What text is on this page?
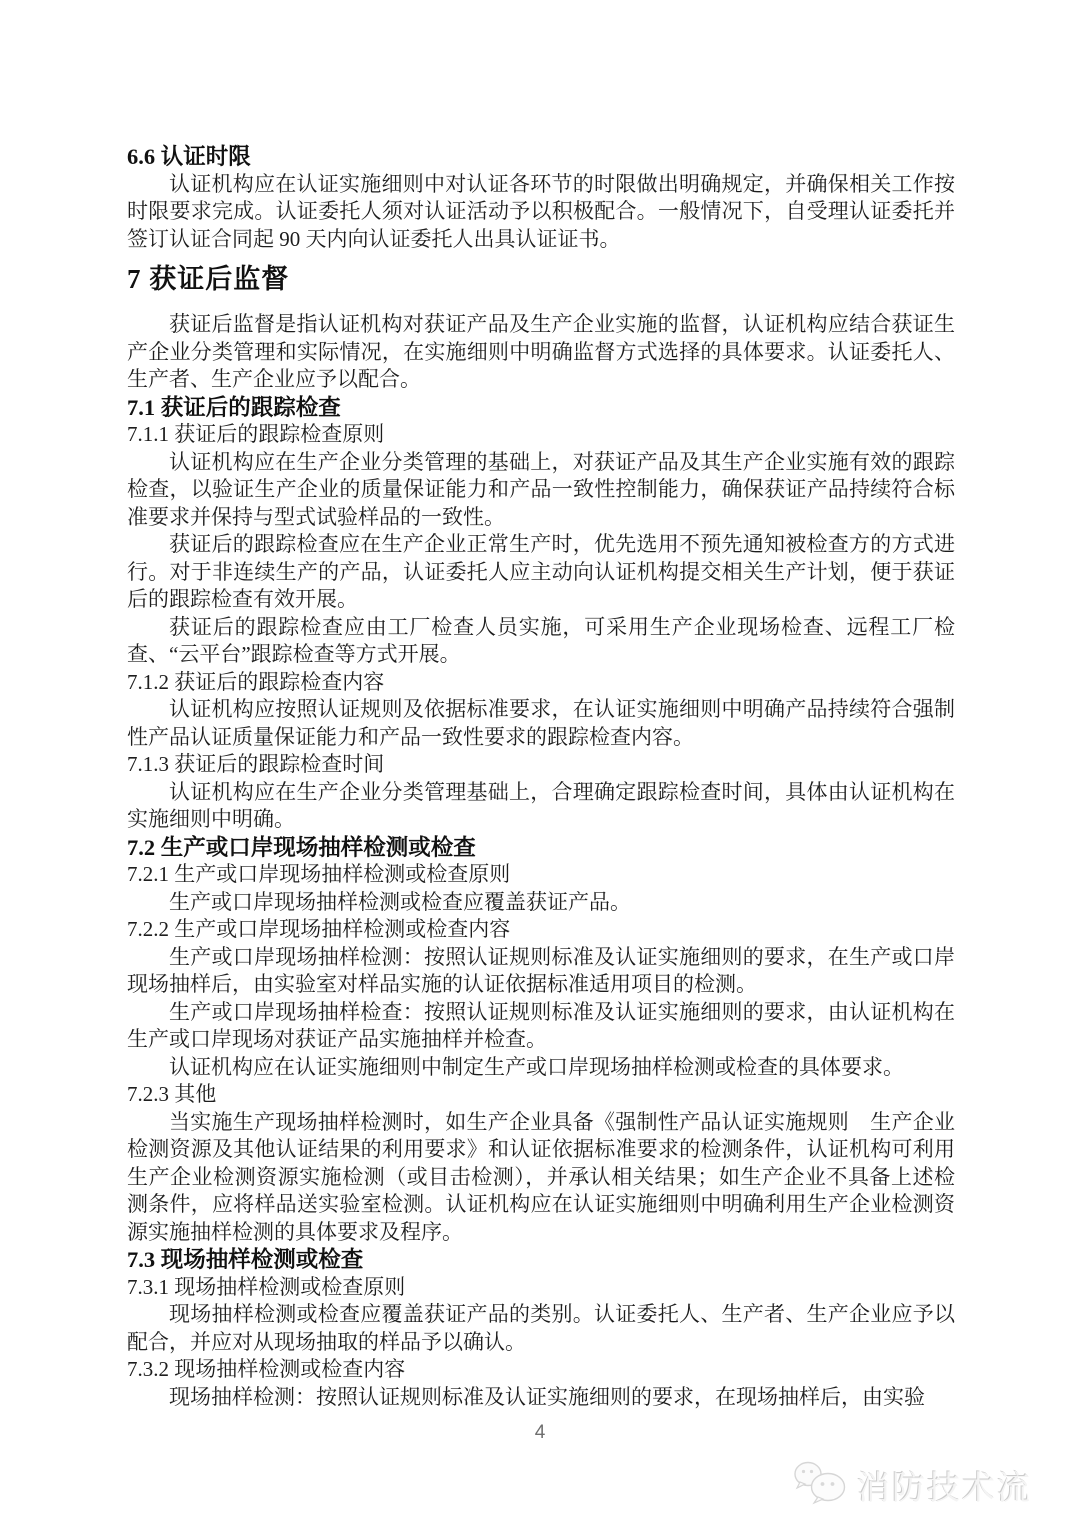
6.6 认证时限
认证机构应在认证实施细则中对认证各环节的时限做出明确规定，并确保相关工作按时限要求完成。认证委托人须对认证活动予以积极配合。一般情况下，自受理认证委托并签订认证合同起 90 天内向认证委托人出具认证证书。
7 获证后监督
获证后监督是指认证机构对获证产品及生产企业实施的监督，认证机构应结合获证生产企业分类管理和实际情况，在实施细则中明确监督方式选择的具体要求。认证委托人、生产者、生产企业应予以配合。
7.1 获证后的跟踪检查
7.1.1 获证后的跟踪检查原则
认证机构应在生产企业分类管理的基础上，对获证产品及其生产企业实施有效的跟踪检查，以验证生产企业的质量保证能力和产品一致性控制能力，确保获证产品持续符合标准要求并保持与型式试验样品的一致性。
获证后的跟踪检查应在生产企业正常生产时，优先选用不预先通知被检查方的方式进行。对于非连续生产的产品，认证委托人应主动向认证机构提交相关生产计划，便于获证后的跟踪检查有效开展。
获证后的跟踪检查应由工厂检查人员实施，可采用生产企业现场检查、远程工厂检查、“云平台”跟踪检查等方式开展。
7.1.2 获证后的跟踪检查内容
认证机构应按照认证规则及依据标准要求，在认证实施细则中明确产品持续符合强制性产品认证质量保证能力和产品一致性要求的跟踪检查内容。
7.1.3 获证后的跟踪检查时间
认证机构应在生产企业分类管理基础上，合理确定跟踪检查时间，具体由认证机构在实施细则中明确。
7.2 生产或口岸现场抽样检测或检查
7.2.1 生产或口岸现场抽样检测或检查原则
生产或口岸现场抽样检测或检查应覆盖获证产品。
7.2.2 生产或口岸现场抽样检测或检查内容
生产或口岸现场抽样检测：按照认证规则标准及认证实施细则的要求，在生产或口岸现场抽样后，由实验室对样品实施的认证依据标准适用项目的检测。
生产或口岸现场抽样检查：按照认证规则标准及认证实施细则的要求，由认证机构在生产或口岸现场对获证产品实施抽样并检查。
认证机构应在认证实施细则中制定生产或口岸现场抽样检测或检查的具体要求。
7.2.3 其他
当实施生产现场抽样检测时，如生产企业具备《强制性产品认证实施规则　生产企业检测资源及其他认证结果的利用要求》和认证依据标准要求的检测条件，认证机构可利用生产企业检测资源实施检测（或目击检测），并承认相关结果；如生产企业不具备上述检测条件，应将样品送实验室检测。认证机构应在认证实施细则中明确利用生产企业检测资源实施抽样检测的具体要求及程序。
7.3 现场抽样检测或检查
7.3.1 现场抽样检测或检查原则
现场抽样检测或检查应覆盖获证产品的类别。认证委托人、生产者、生产企业应予以配合，并应对从现场抽取的样品予以确认。
7.3.2 现场抽样检测或检查内容
现场抽样检测：按照认证规则标准及认证实施细则的要求，在现场抽样后，由实验
4
消防技术流
